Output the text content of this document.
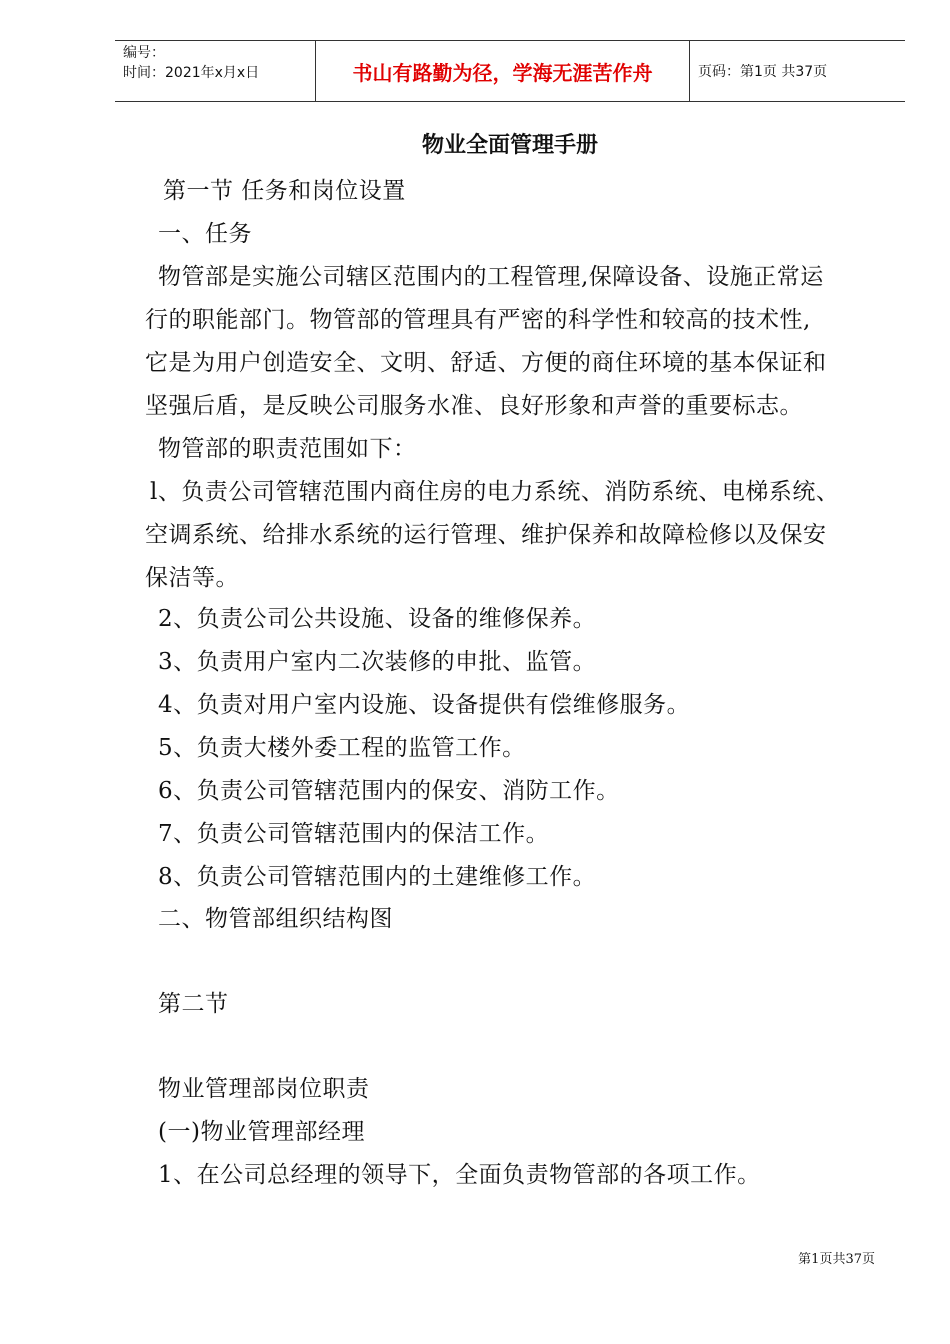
编号：
时间：2021年x月x日	书山有路勤为径，学海无涯苦作舟	页码：第1页 共37页
物业全面管理手册
第一节 任务和岗位设置
一、任务
物管部是实施公司辖区范围内的工程管理,保障设备、设施正常运
行的职能部门。物管部的管理具有严密的科学性和较高的技术性,
它是为用户创造安全、文明、舒适、方便的商住环境的基本保证和
坚强后盾，是反映公司服务水准、良好形象和声誉的重要标志。
物管部的职责范围如下：
l、负责公司管辖范围内商住房的电力系统、消防系统、电梯系统、
空调系统、给排水系统的运行管理、维护保养和故障检修以及保安
保洁等。
2、负责公司公共设施、设备的维修保养。
3、负责用户室内二次装修的申批、监管。
4、负责对用户室内设施、设备提供有偿维修服务。
5、负责大楼外委工程的监管工作。
6、负责公司管辖范围内的保安、消防工作。
7、负责公司管辖范围内的保洁工作。
8、负责公司管辖范围内的土建维修工作。
二、物管部组织结构图
第二节
物业管理部岗位职责
(一)物业管理部经理
1、在公司总经理的领导下，全面负责物管部的各项工作。
第1页共37页
